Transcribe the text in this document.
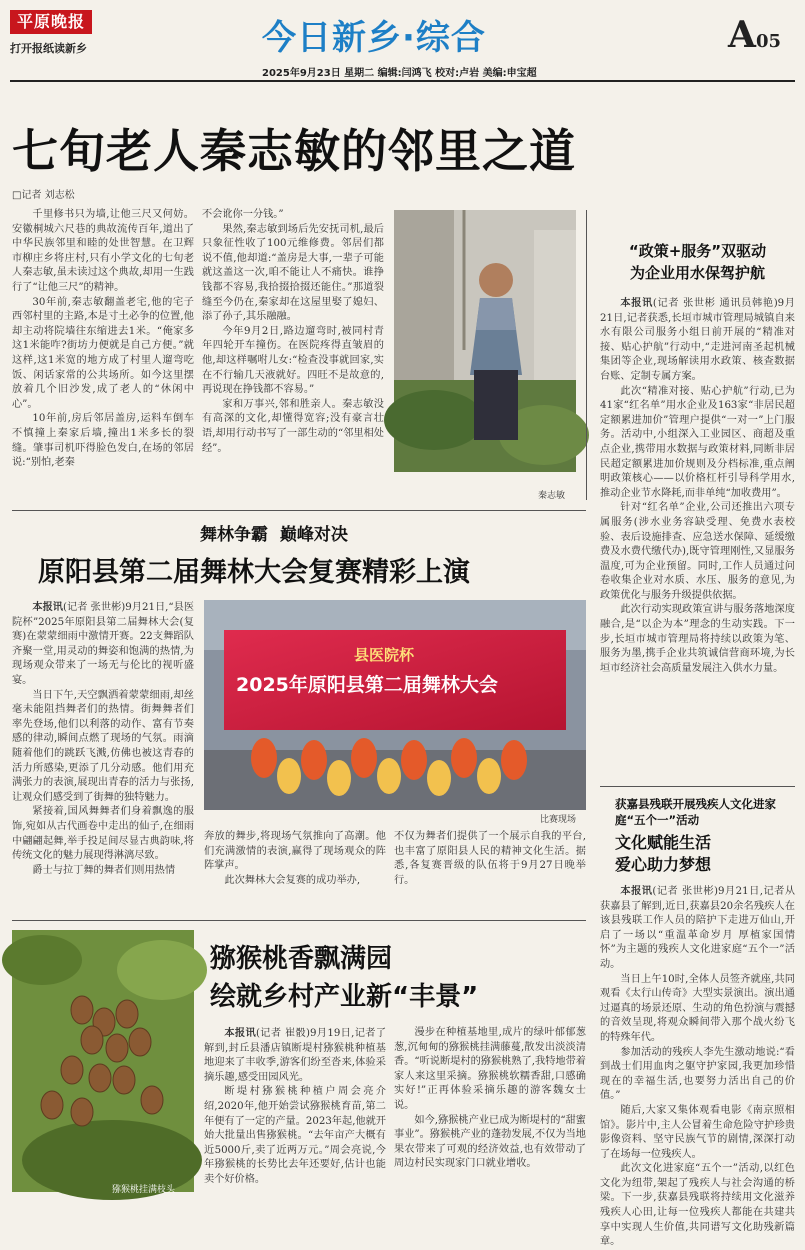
平原晚报
打开报纸读新乡	今日新乡·综合	A05
2025年9月23日 星期二 编辑:闫鸿飞 校对:卢岩 美编:申宝超
七旬老人秦志敏的邻里之道
□记者 刘志松

千里修书只为墙,让他三尺又何妨。安徽桐城六尺巷的典故流传百年,道出了中华民族邻里和睦的处世智慧。在卫辉市柳庄乡将庄村,只有小学文化的七旬老人秦志敏,虽未读过这个典故,却用一生践行了“让他三尺”的精神。

30年前,秦志敏翻盖老宅,他的宅子西邻村里的主路,本是寸土必争的位置,他却主动将院墙往东缩进去1米。“俺家多这1米能咋?街坊力便就是自己方便。”就这样,这1米宽的地方成了村里人遛弯吃饭、闲话家常的公共场所。如今这里摆放着几个旧沙发,成了老人的“休闲中心”。

10年前,房后邻居盖房,运料车倒车不慎撞上秦家后墙,撞出1米多长的裂缝。肇事司机吓得脸色发白,在场的邻居说:“别怕,老秦

不会讹你一分钱。”

果然,秦志敏到场后先安抚司机,最后只象征性收了100元维修费。邻居们都说不值,他却道:“盖房是大事,一辈子可能就这盖这一次,咱不能让人不痛快。谁挣钱都不容易,我拾掇拾掇还能住。”那道裂缝至今仍在,秦家却在这屋里娶了媳妇、添了孙子,其乐融融。

今年9月2日,路边遛弯时,被同村青年四轮开车撞伤。在医院疼得直皱眉的他,却这样嘱咐儿女:“检查没事就回家,实在不行输几天液就好。四旺不是故意的,再说现在挣钱都不容易。”

家和万事兴,邻和胜亲人。秦志敏没有高深的文化,却懂得宽容;没有豪言壮语,却用行动书写了一部生动的“邻里相处经”。

秦志敏
“政策+服务”双驱动
为企业用水保驾护航

本报讯(记者 张世彬 通讯员韩艳)9月21日,记者获悉,长垣市城市管理局城镇自来水有限公司服务小组日前开展的“精准对接、贴心护航”行动中,“走进河南圣起机械集团等企业,现场解读用水政策、核查数据台账、定制专属方案。

此次“精准对接、贴心护航”行动,已为41家“红名单”用水企业及163家“非居民超定额累进加价”管理户提供“一对一”上门服务。活动中,小组深入工业园区、商超及重点企业,携带用水数据与政策材料,同断非居民超定额累进加价规则及分档标准,重点阐明政策核心——以价格杠杆引导科学用水,推动企业节水降耗,而非单纯“加收费用”。

针对“红名单”企业,公司还推出六项专属服务(涉水业务容缺受理、免费水表校验、表后设施排查、应急送水保障、延缓缴费及水费代缴代办),既守管理刚性,又显服务温度,可为企业预留。同时,工作人员通过问卷收集企业对水质、水压、服务的意见,为政策优化与服务升级提供依据。

此次行动实现政策宣讲与服务落地深度融合,是“以企为本”理念的生动实践。下一步,长垣市城市管理局将持续以政策为笔、服务为墨,携手企业共筑诚信营商环境,为长垣市经济社会高质量发展注入供水力量。

获嘉县残联开展残疾人文化进家庭“五个一”活动
文化赋能生活
爱心助力梦想

本报讯(记者 张世彬)9月21日,记者从获嘉县了解到,近日,获嘉县20余名残疾人在该县残联工作人员的陪护下走进万仙山,开启了一场以“重温革命岁月 厚植家国情怀”为主题的残疾人文化进家庭“五个一”活动。

当日上午10时,全体人员签齐就座,共同观看《太行山传奇》大型实景演出。演出通过逼真的场景还原、生动的角色扮演与震撼的音效呈现,将观众瞬间带入那个战火纷飞的特殊年代。

参加活动的残疾人李先生激动地说:“看到战士们用血肉之躯守护家园,我更加珍惜现在的幸福生活,也要努力活出自己的价值。”

随后,大家又集体观看电影《南京照相馆》。影片中,主人公冒着生命危险守护珍贵影像资料、坚守民族气节的剧情,深深打动了在场每一位残疾人。

此次文化进家庭“五个一”活动,以红色文化为纽带,架起了残疾人与社会沟通的桥梁。下一步,获嘉县残联将持续用文化滋养残疾人心田,让每一位残疾人都能在共建共享中实现人生价值,共同谱写文化助残新篇章。

舞林争霸  巅峰对决
原阳县第二届舞林大会复赛精彩上演

本报讯(记者 张世彬)9月21日,“县医院杯”2025年原阳县第二届舞林大会(复赛)在蒙蒙细雨中激情开赛。22支舞蹈队齐聚一堂,用灵动的舞姿和饱满的热情,为现场观众带来了一场无与伦比的视听盛宴。

当日下午,天空飘洒着蒙蒙细雨,却丝毫未能阻挡舞者们的热情。街舞舞者们率先登场,他们以利落的动作、富有节奏感的律动,瞬间点燃了现场的气氛。雨滴随着他们的跳跃飞溅,仿佛也被这青春的活力所感染,更添了几分动感。他们用充满张力的表演,展现出青春的活力与张扬,让观众们感受到了街舞的独特魅力。

紧接着,国风舞舞者们身着飘逸的服饰,宛如从古代画卷中走出的仙子,在细雨中翩翩起舞,举手投足间尽显古典韵味,将传统文化的魅力展现得淋漓尽致。

爵士与拉丁舞的舞者们则用热情

县医院杯
2025年原阳县第二届舞林大会
比赛现场

奔放的舞步,将现场气氛推向了高潮。他们充满激情的表演,赢得了现场观众的阵阵掌声。

此次舞林大会复赛的成功举办,

不仅为舞者们提供了一个展示自我的平台,也丰富了原阳县人民的精神文化生活。据悉,各复赛晋级的队伍将于9月27日晚举行。

猕猴桃挂满枝头
猕猴桃香飘满园
绘就乡村产业新“丰景”

本报讯(记者 崔骰)9月19日,记者了解到,封丘县潘店镇断堤村猕猴桃种植基地迎来了丰收季,游客们纷至沓来,体验采摘乐趣,感受田园风光。

断堤村猕猴桃种植户周会亮介绍,2020年,他开始尝试猕猴桃育苗,第二年便有了一定的产量。2023年起,他就开始大批量出售猕猴桃。“去年亩产大概有近5000斤,卖了近两万元。”周会亮说,今年猕猴桃的长势比去年还要好,估计也能卖个好价格。

漫步在种植基地里,成片的绿叶郁郁葱葱,沉甸甸的猕猴桃挂满藤蔓,散发出淡淡清香。“听说断堤村的猕猴桃熟了,我特地带着家人来这里采摘。猕猴桃软糯香甜,口感确实好!”正再体验采摘乐趣的游客魏女士说。

如今,猕猴桃产业已成为断堤村的“甜蜜事业”。猕猴桃产业的蓬勃发展,不仅为当地果农带来了可观的经济效益,也有效带动了周边村民实现家门口就业增收。
